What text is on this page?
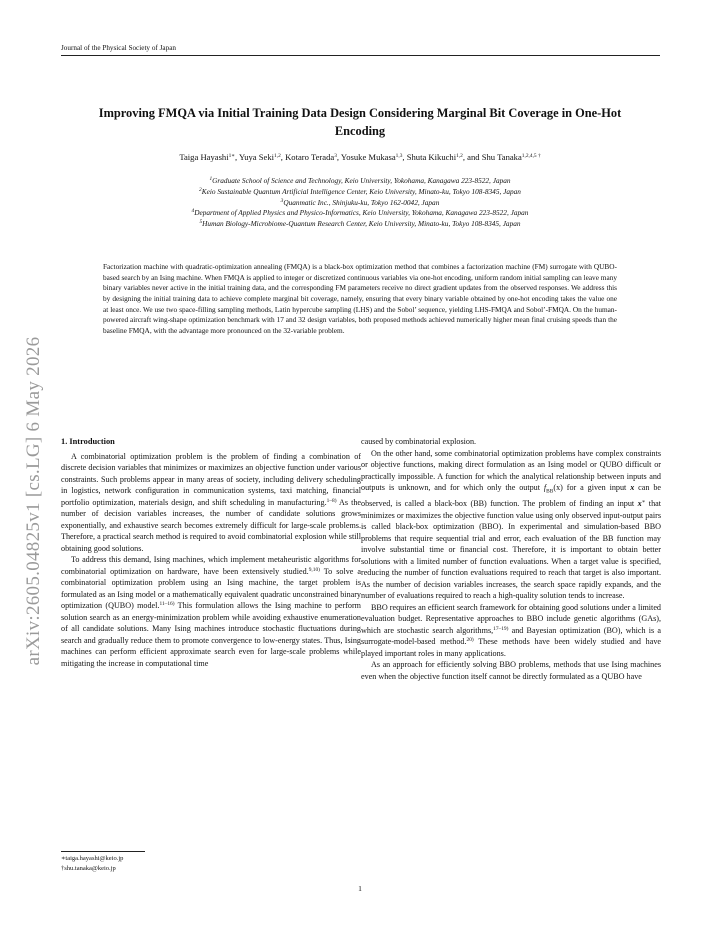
Journal of the Physical Society of Japan
Improving FMQA via Initial Training Data Design Considering Marginal Bit Coverage in One-Hot Encoding
Taiga Hayashi$^{1∗}$, Yuya Seki$^{1,2}$, Kotaro Terada$^3$, Yosuke Mukasa$^{1,3}$, Shuta Kikuchi$^{1,2}$, and Shu Tanaka$^{1,2,4,5 \dagger}$
$^1$Graduate School of Science and Technology, Keio University, Yokohama, Kanagawa 223-8522, Japan
$^2$Keio Sustainable Quantum Artificial Intelligence Center, Keio University, Minato-ku, Tokyo 108-8345, Japan
$^3$Quanmatic Inc., Shinjuku-ku, Tokyo 162-0042, Japan
$^4$Department of Applied Physics and Physico-Informatics, Keio University, Yokohama, Kanagawa 223-8522, Japan
$^5$Human Biology-Microbiome-Quantum Research Center, Keio University, Minato-ku, Tokyo 108-8345, Japan
Factorization machine with quadratic-optimization annealing (FMQA) is a black-box optimization method that combines a factorization machine (FM) surrogate with QUBO-based search by an Ising machine. When FMQA is applied to integer or discretized continuous variables via one-hot encoding, uniform random initial sampling can leave many binary variables never active in the initial training data, and the corresponding FM parameters receive no direct gradient updates from the observed responses. We address this by designing the initial training data to achieve complete marginal bit coverage, namely, ensuring that every binary variable obtained by one-hot encoding takes the value one at least once. We use two space-filling sampling methods, Latin hypercube sampling (LHS) and the Sobol’ sequence, yielding LHS-FMQA and Sobol’-FMQA. On the human-powered aircraft wing-shape optimization benchmark with 17 and 32 design variables, both proposed methods achieved numerically higher mean final cruising speeds than the baseline FMQA, with the advantage more pronounced on the 32-variable problem.
arXiv:2605.04825v1 [cs.LG] 6 May 2026 1. Introduction

A combinatorial optimization problem is the problem of finding a combination of discrete decision variables that minimizes or maximizes an objective function under various constraints. Such problems appear in many areas of society, including delivery scheduling in logistics, network configuration in communication systems, taxi matching, financial portfolio optimization, materials design, and shift scheduling in manufacturing.$^{1-8)}$ As the number of decision variables increases, the number of candidate solutions grows exponentially, and exhaustive search becomes extremely difficult for large-scale problems. Therefore, a practical search method is required to avoid combinatorial explosion while still obtaining good solutions.

To address this demand, Ising machines, which implement metaheuristic algorithms for combinatorial optimization on hardware, have been extensively studied.$^{9,10)}$ To solve a combinatorial optimization problem using an Ising machine, the target problem is formulated as an Ising model or a mathematically equivalent quadratic unconstrained binary optimization (QUBO) model.$^{11-16)}$ This formulation allows the Ising machine to perform solution search as an energy-minimization problem while avoiding exhaustive enumeration of all candidate solutions. Many Ising machines introduce stochastic fluctuations during search and gradually reduce them to promote convergence to low-energy states. Thus, Ising machines can perform efficient approximate search even for large-scale problems while mitigating the increase in computational time

caused by combinatorial explosion.

On the other hand, some combinatorial optimization problems have complex constraints or objective functions, making direct formulation as an Ising model or QUBO difficult or practically impossible. A function for which the analytical relationship between inputs and outputs is unknown, and for which only the output $f_{BB}(x)$ for a given input x can be observed, is called a black-box (BB) function. The problem of finding an input x∗ that minimizes or maximizes the objective function value using only observed input-output pairs is called black-box optimization (BBO). In experimental and simulation-based BBO problems that require sequential trial and error, each evaluation of the BB function may involve substantial time or financial cost. Therefore, it is important to obtain better solutions with a limited number of function evaluations. When a target value is specified, reducing the number of function evaluations required to reach that target is also important. As the number of decision variables increases, the search space rapidly expands, and the number of evaluations required to reach a high-quality solution tends to increase.

BBO requires an efficient search framework for obtaining good solutions under a limited evaluation budget. Representative approaches to BBO include genetic algorithms (GAs), which are stochastic search algorithms,$^{17-19)}$ and Bayesian optimization (BO), which is a surrogate-model-based method.$^{20)}$ These methods have been widely studied and have played important roles in many applications.

As an approach for efficiently solving BBO problems, methods that use Ising machines even when the objective function itself cannot be directly formulated as a QUBO have

∗taiga.hayashi@keio.jp
†shu.tanaka@keio.jp
1
